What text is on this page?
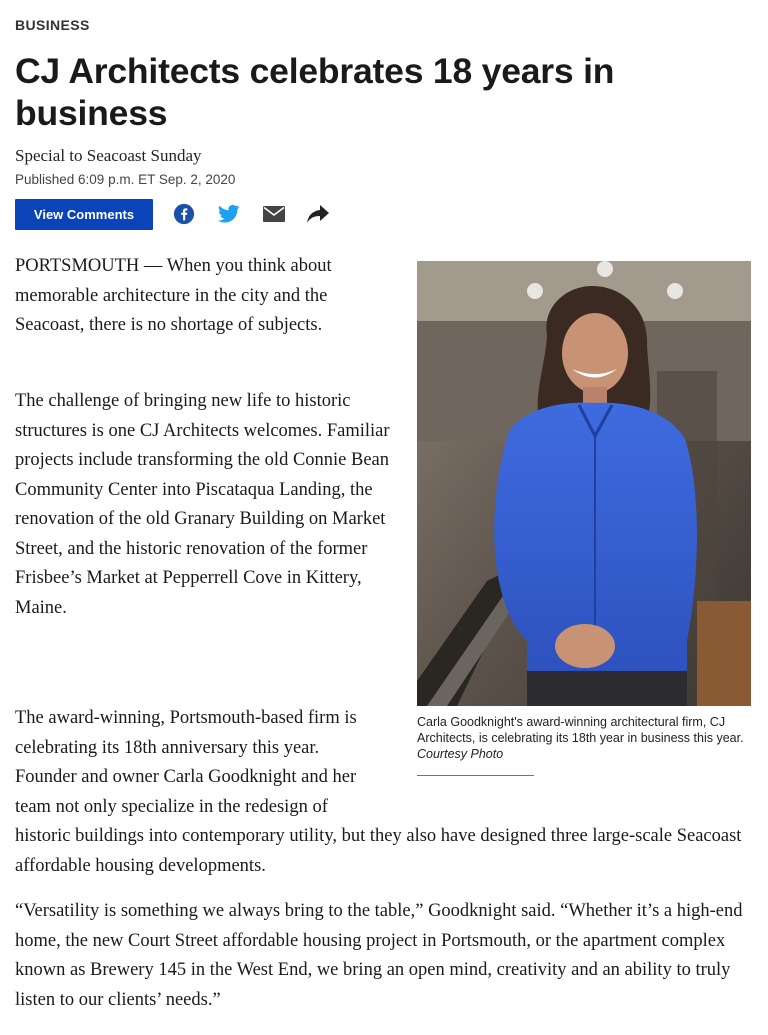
BUSINESS
CJ Architects celebrates 18 years in business
Special to Seacoast Sunday
Published 6:09 p.m. ET Sep. 2, 2020
View Comments

PORTSMOUTH — When you think about memorable architecture in the city and the Seacoast, there is no shortage of subjects.

The challenge of bringing new life to historic structures is one CJ Architects welcomes. Familiar projects include transforming the old Connie Bean Community Center into Piscataqua Landing, the renovation of the old Granary Building on Market Street, and the historic renovation of the former Frisbee’s Market at Pepperrell Cove in Kittery, Maine.

Carla Goodknight's award-winning architectural firm, CJ Architects, is celebrating its 18th year in business this year. Courtesy Photo

The award-winning, Portsmouth-based firm is celebrating its 18th anniversary this year. Founder and owner Carla Goodknight and her team not only specialize in the redesign of historic buildings into contemporary utility, but they also have designed three large-scale Seacoast affordable housing developments.

“Versatility is something we always bring to the table,” Goodknight said. “Whether it’s a high-end home, the new Court Street affordable housing project in Portsmouth, or the apartment complex known as Brewery 145 in the West End, we bring an open mind, creativity and an ability to truly listen to our clients’ needs.”
